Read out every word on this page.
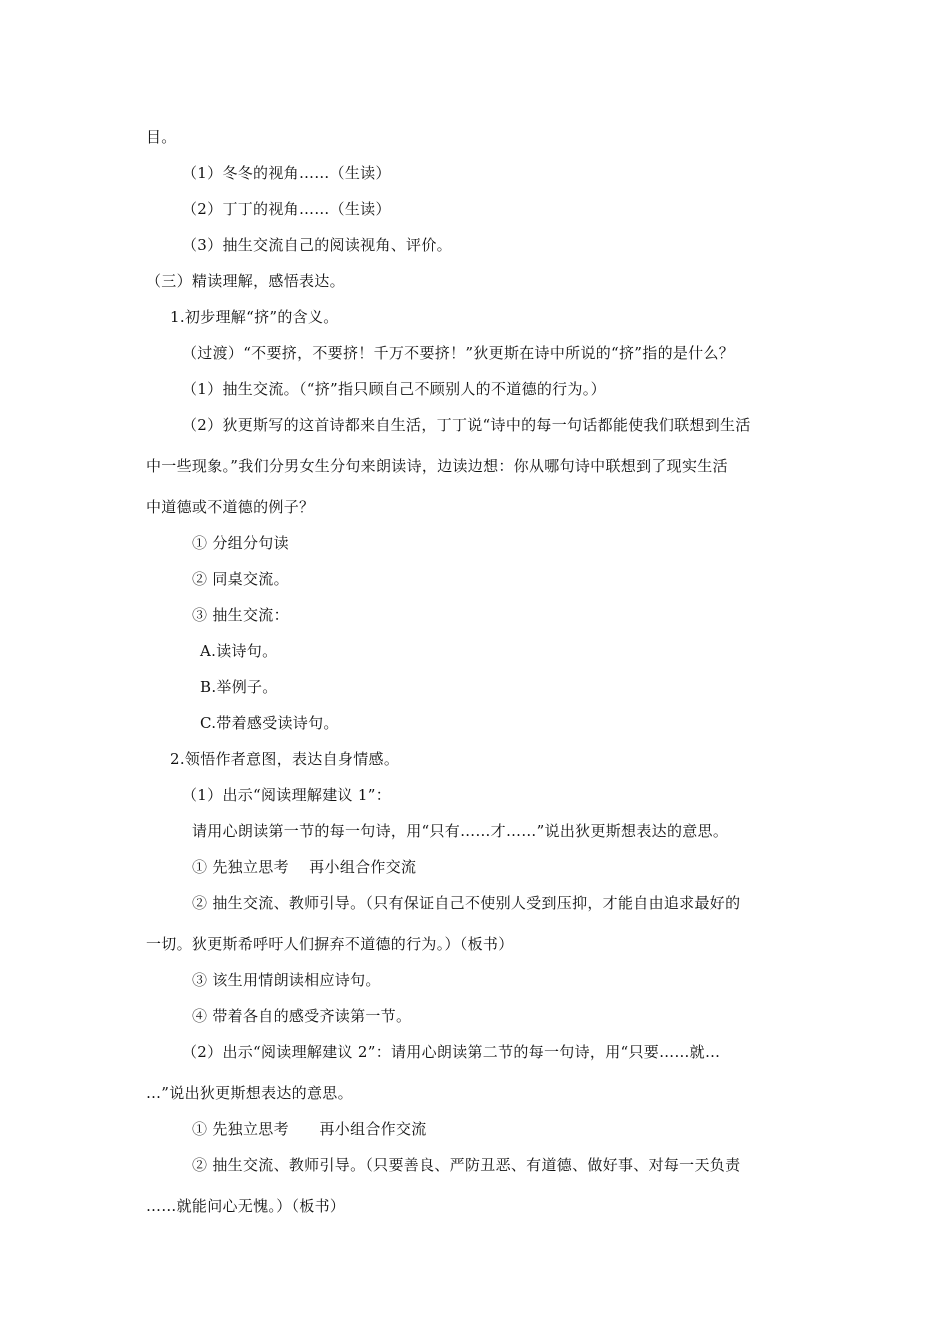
目。
（1）冬冬的视角……（生读）
（2）丁丁的视角……（生读）
（3）抽生交流自己的阅读视角、评价。
（三）精读理解，感悟表达。
1.初步理解“挤”的含义。
（过渡）“不要挤，不要挤！千万不要挤！”狄更斯在诗中所说的“挤”指的是什么？
（1）抽生交流。（“挤”指只顾自己不顾别人的不道德的行为。）
（2）狄更斯写的这首诗都来自生活，丁丁说“诗中的每一句话都能使我们联想到生活
中一些现象。”我们分男女生分句来朗读诗，边读边想：你从哪句诗中联想到了现实生活
中道德或不道德的例子？
① 分组分句读
② 同桌交流。
③ 抽生交流：
A.读诗句。
B.举例子。
C.带着感受读诗句。
2.领悟作者意图，表达自身情感。
（1）出示“阅读理解建议 1”：
请用心朗读第一节的每一句诗，用“只有……才……”说出狄更斯想表达的意思。
① 先独立思考　 再小组合作交流
② 抽生交流、教师引导。（只有保证自己不使别人受到压抑，才能自由追求最好的
一切。狄更斯希呼吁人们摒弃不道德的行为。）（板书）
③ 该生用情朗读相应诗句。
④ 带着各自的感受齐读第一节。
（2）出示“阅读理解建议 2”：请用心朗读第二节的每一句诗，用“只要……就…
…”说出狄更斯想表达的意思。
① 先独立思考　　再小组合作交流
② 抽生交流、教师引导。（只要善良、严防丑恶、有道德、做好事、对每一天负责
……就能问心无愧。）（板书）
